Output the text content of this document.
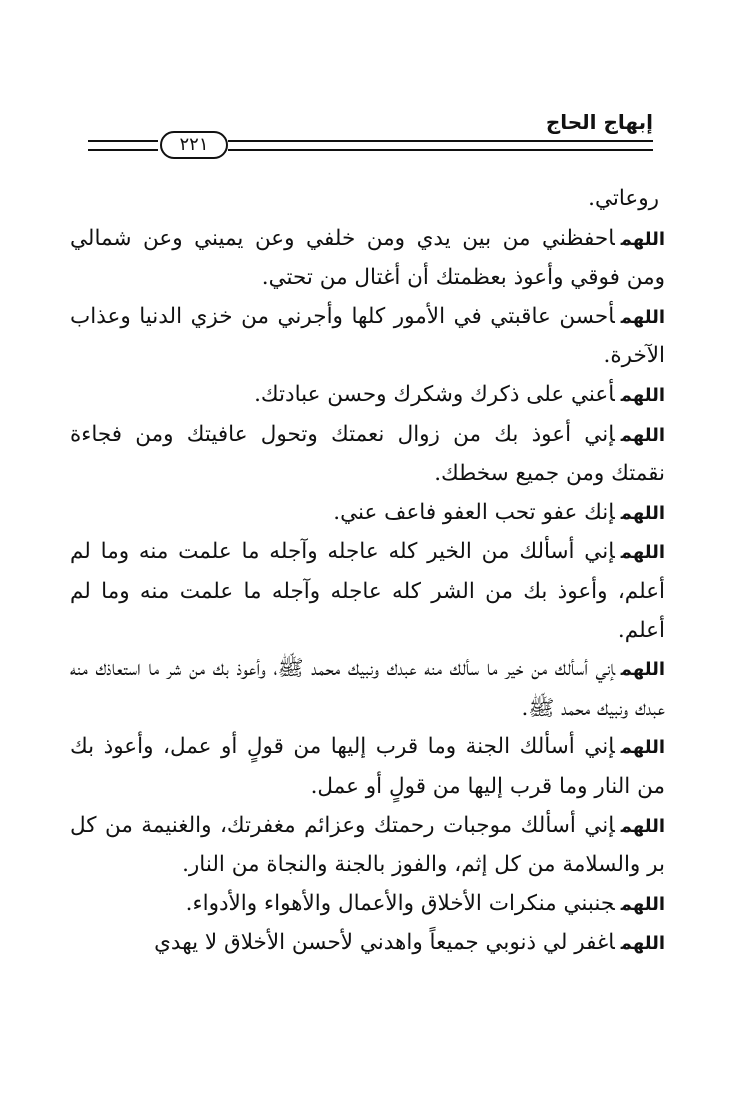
٢٢١
إبهاج الحاج

روعاتي.

اللهماحفظني من بين يدي ومن خلفي وعن يميني وعن شمالي ومن فوقي وأعوذ بعظمتك أن أغتال من تحتي.

اللهمأحسن عاقبتي في الأمور كلها وأجرني من خزي الدنيا وعذاب الآخرة.

اللهمأعني على ذكرك وشكرك وحسن عبادتك.

اللهمإني أعوذ بك من زوال نعمتك وتحول عافيتك ومن فجاءة نقمتك ومن جميع سخطك.

اللهمإنك عفو تحب العفو فاعف عني.

اللهمإني أسألك من الخير كله عاجله وآجله ما علمت منه وما لم أعلم، وأعوذ بك من الشر كله عاجله وآجله ما علمت منه وما لم أعلم.

اللهمإني أسألك من خير ما سألك منه عبدك ونبيك محمد ﷺ، وأعوذ بك من شر ما استعاذك منه عبدك ونبيك محمد ﷺ.

اللهمإني أسألك الجنة وما قرب إليها من قولٍ أو عمل، وأعوذ بك من النار وما قرب إليها من قولٍ أو عمل.

اللهمإني أسألك موجبات رحمتك وعزائم مغفرتك، والغنيمة من كل بر والسلامة من كل إثم، والفوز بالجنة والنجاة من النار.

اللهمجنبني منكرات الأخلاق والأعمال والأهواء والأدواء.

اللهماغفر لي ذنوبي جميعاً واهدني لأحسن الأخلاق لا يهدي
